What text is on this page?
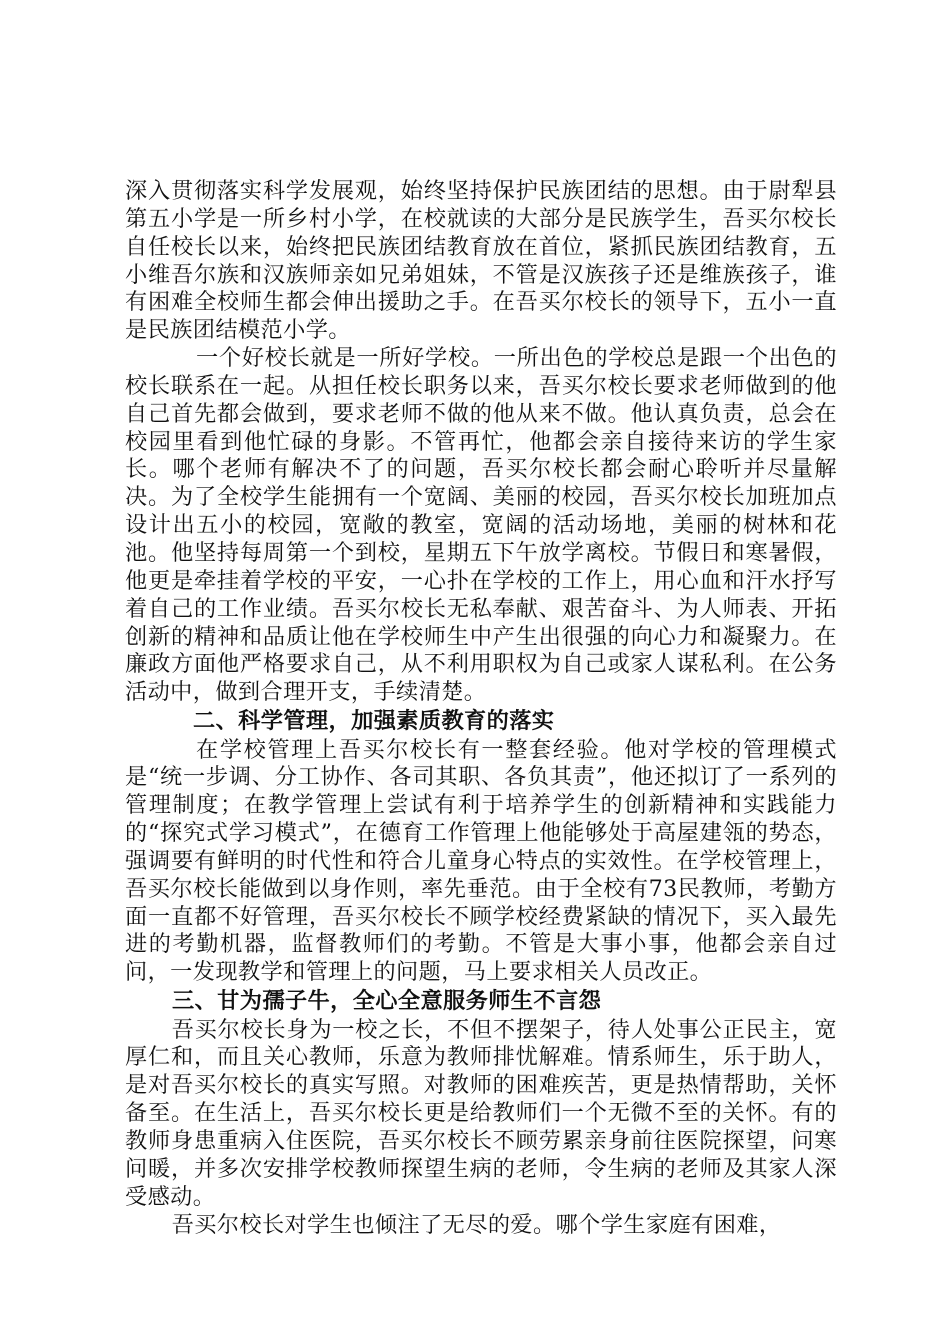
深入贯彻落实科学发展观，始终坚持保护民族团结的思想。由于尉犁县第五小学是一所乡村小学，在校就读的大部分是民族学生，吾买尔校长自任校长以来，始终把民族团结教育放在首位，紧抓民族团结教育，五小维吾尔族和汉族师亲如兄弟姐妹，不管是汉族孩子还是维族孩子，谁有困难全校师生都会伸出援助之手。在吾买尔校长的领导下，五小一直是民族团结模范小学。

一个好校长就是一所好学校。一所出色的学校总是跟一个出色的校长联系在一起。从担任校长职务以来，吾买尔校长要求老师做到的他自己首先都会做到，要求老师不做的他从来不做。他认真负责，总会在校园里看到他忙碌的身影。不管再忙，他都会亲自接待来访的学生家长。哪个老师有解决不了的问题，吾买尔校长都会耐心聆听并尽量解决。为了全校学生能拥有一个宽阔、美丽的校园，吾买尔校长加班加点设计出五小的校园，宽敞的教室，宽阔的活动场地，美丽的树林和花池。他坚持每周第一个到校，星期五下午放学离校。节假日和寒暑假，他更是牵挂着学校的平安，一心扑在学校的工作上，用心血和汗水抒写着自己的工作业绩。吾买尔校长无私奉献、艰苦奋斗、为人师表、开拓创新的精神和品质让他在学校师生中产生出很强的向心力和凝聚力。在廉政方面他严格要求自己，从不利用职权为自己或家人谋私利。在公务活动中，做到合理开支，手续清楚。

二、科学管理，加强素质教育的落实

在学校管理上吾买尔校长有一整套经验。他对学校的管理模式是“统一步调、分工协作、各司其职、各负其责”，他还拟订了一系列的管理制度；在教学管理上尝试有利于培养学生的创新精神和实践能力的“探究式学习模式”，在德育工作管理上他能够处于高屋建瓴的势态，强调要有鲜明的时代性和符合儿童身心特点的实效性。在学校管理上，吾买尔校长能做到以身作则，率先垂范。由于全校有73民教师，考勤方面一直都不好管理，吾买尔校长不顾学校经费紧缺的情况下，买入最先进的考勤机器，监督教师们的考勤。不管是大事小事，他都会亲自过问，一发现教学和管理上的问题，马上要求相关人员改正。

三、甘为孺子牛，全心全意服务师生不言怨

吾买尔校长身为一校之长，不但不摆架子，待人处事公正民主，宽厚仁和，而且关心教师，乐意为教师排忧解难。情系师生，乐于助人，是对吾买尔校长的真实写照。对教师的困难疾苦，更是热情帮助，关怀备至。在生活上，吾买尔校长更是给教师们一个无微不至的关怀。有的教师身患重病入住医院，吾买尔校长不顾劳累亲身前往医院探望，问寒问暖，并多次安排学校教师探望生病的老师，令生病的老师及其家人深受感动。

吾买尔校长对学生也倾注了无尽的爱。哪个学生家庭有困难，
